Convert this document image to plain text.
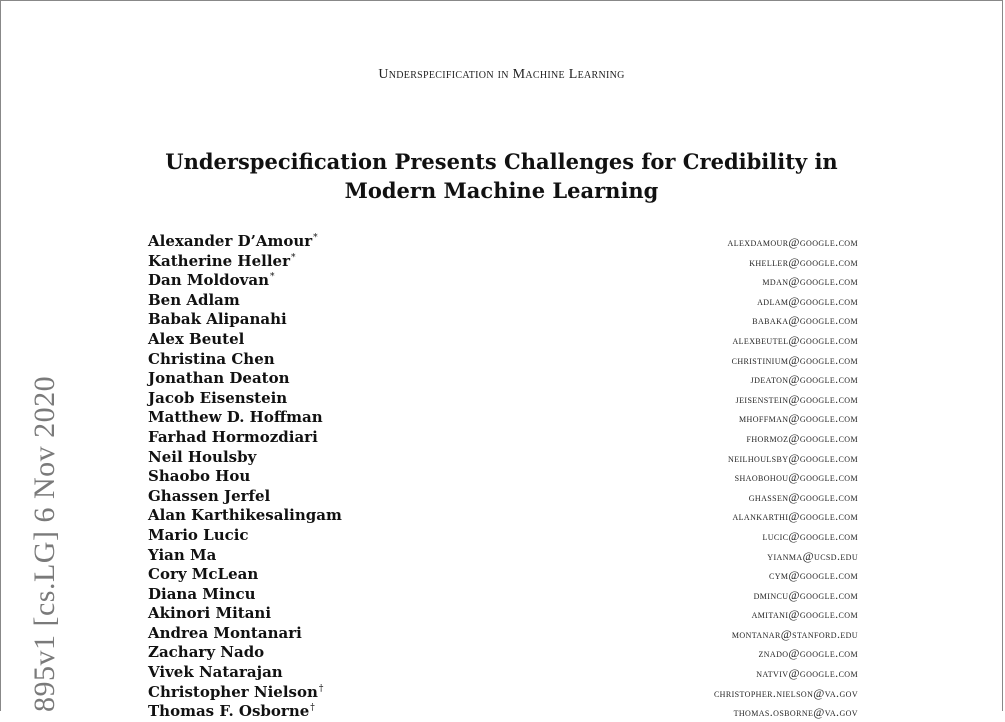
Underspecification in Machine Learning
Underspecification Presents Challenges for Credibility in
Modern Machine Learning
Alexander D’Amour*	alexdamour@google.com
Katherine Heller*	kheller@google.com
Dan Moldovan*	mdan@google.com
Ben Adlam	adlam@google.com
Babak Alipanahi	babaka@google.com
Alex Beutel	alexbeutel@google.com
Christina Chen	christinium@google.com
Jonathan Deaton	jdeaton@google.com
Jacob Eisenstein	jeisenstein@google.com
Matthew D. Hoffman	mhoffman@google.com
Farhad Hormozdiari	fhormoz@google.com
Neil Houlsby	neilhoulsby@google.com
Shaobo Hou	shaobohou@google.com
Ghassen Jerfel	ghassen@google.com
Alan Karthikesalingam	alankarthi@google.com
Mario Lucic	lucic@google.com
Yian Ma	yianma@ucsd.edu
Cory McLean	cym@google.com
Diana Mincu	dmincu@google.com
Akinori Mitani	amitani@google.com
Andrea Montanari	montanar@stanford.edu
Zachary Nado	znado@google.com
Vivek Natarajan	natviv@google.com
Christopher Nielson†	christopher.nielson@va.gov
Thomas F. Osborne†	thomas.osborne@va.gov
895v1 [cs.LG] 6 Nov 2020
